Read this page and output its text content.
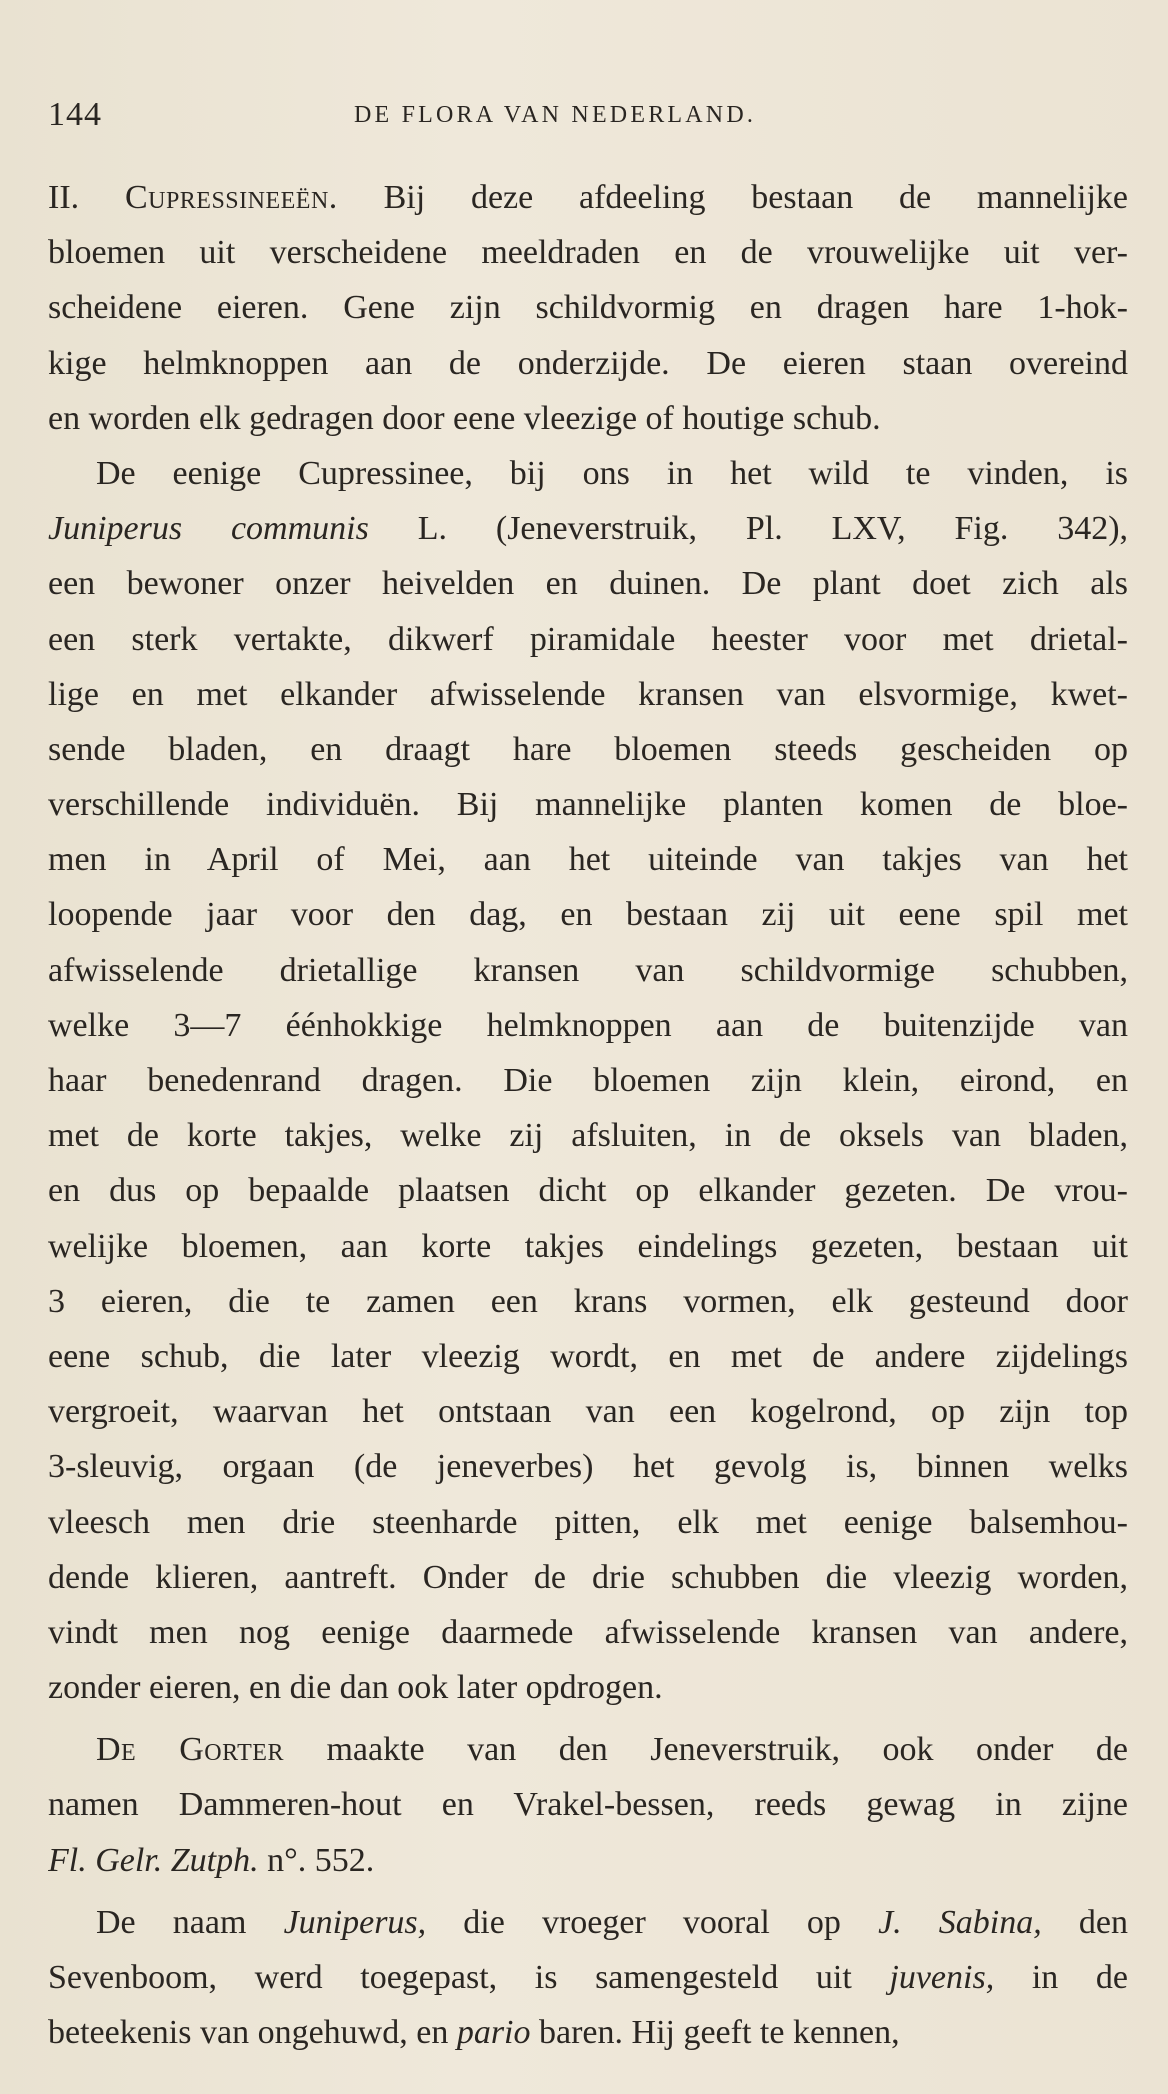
144	DE FLORA VAN NEDERLAND.
II. Cupressineeën. Bij deze afdeeling bestaan de mannelijke
bloemen uit verscheidene meeldraden en de vrouwelijke uit ver-
scheidene eieren. Gene zijn schildvormig en dragen hare 1-hok-
kige helmknoppen aan de onderzijde. De eieren staan overeind
en worden elk gedragen door eene vleezige of houtige schub.
De eenige Cupressinee, bij ons in het wild te vinden, is
Juniperus communis L. (Jeneverstruik, Pl. LXV, Fig. 342),
een bewoner onzer heivelden en duinen. De plant doet zich als
een sterk vertakte, dikwerf piramidale heester voor met drietal-
lige en met elkander afwisselende kransen van elsvormige, kwet-
sende bladen, en draagt hare bloemen steeds gescheiden op
verschillende individuën. Bij mannelijke planten komen de bloe-
men in April of Mei, aan het uiteinde van takjes van het
loopende jaar voor den dag, en bestaan zij uit eene spil met
afwisselende drietallige kransen van schildvormige schubben,
welke 3—7 éénhokkige helmknoppen aan de buitenzijde van
haar benedenrand dragen. Die bloemen zijn klein, eirond, en
met de korte takjes, welke zij afsluiten, in de oksels van bladen,
en dus op bepaalde plaatsen dicht op elkander gezeten. De vrou-
welijke bloemen, aan korte takjes eindelings gezeten, bestaan uit
3 eieren, die te zamen een krans vormen, elk gesteund door
eene schub, die later vleezig wordt, en met de andere zijdelings
vergroeit, waarvan het ontstaan van een kogelrond, op zijn top
3-sleuvig, orgaan (de jeneverbes) het gevolg is, binnen welks
vleesch men drie steenharde pitten, elk met eenige balsemhou-
dende klieren, aantreft. Onder de drie schubben die vleezig worden,
vindt men nog eenige daarmede afwisselende kransen van andere,
zonder eieren, en die dan ook later opdrogen.
De Gorter maakte van den Jeneverstruik, ook onder de
namen Dammeren-hout en Vrakel-bessen, reeds gewag in zijne
Fl. Gelr. Zutph. n°. 552.
De naam Juniperus, die vroeger vooral op J. Sabina, den
Sevenboom, werd toegepast, is samengesteld uit juvenis, in de
beteekenis van ongehuwd, en pario baren. Hij geeft te kennen,
